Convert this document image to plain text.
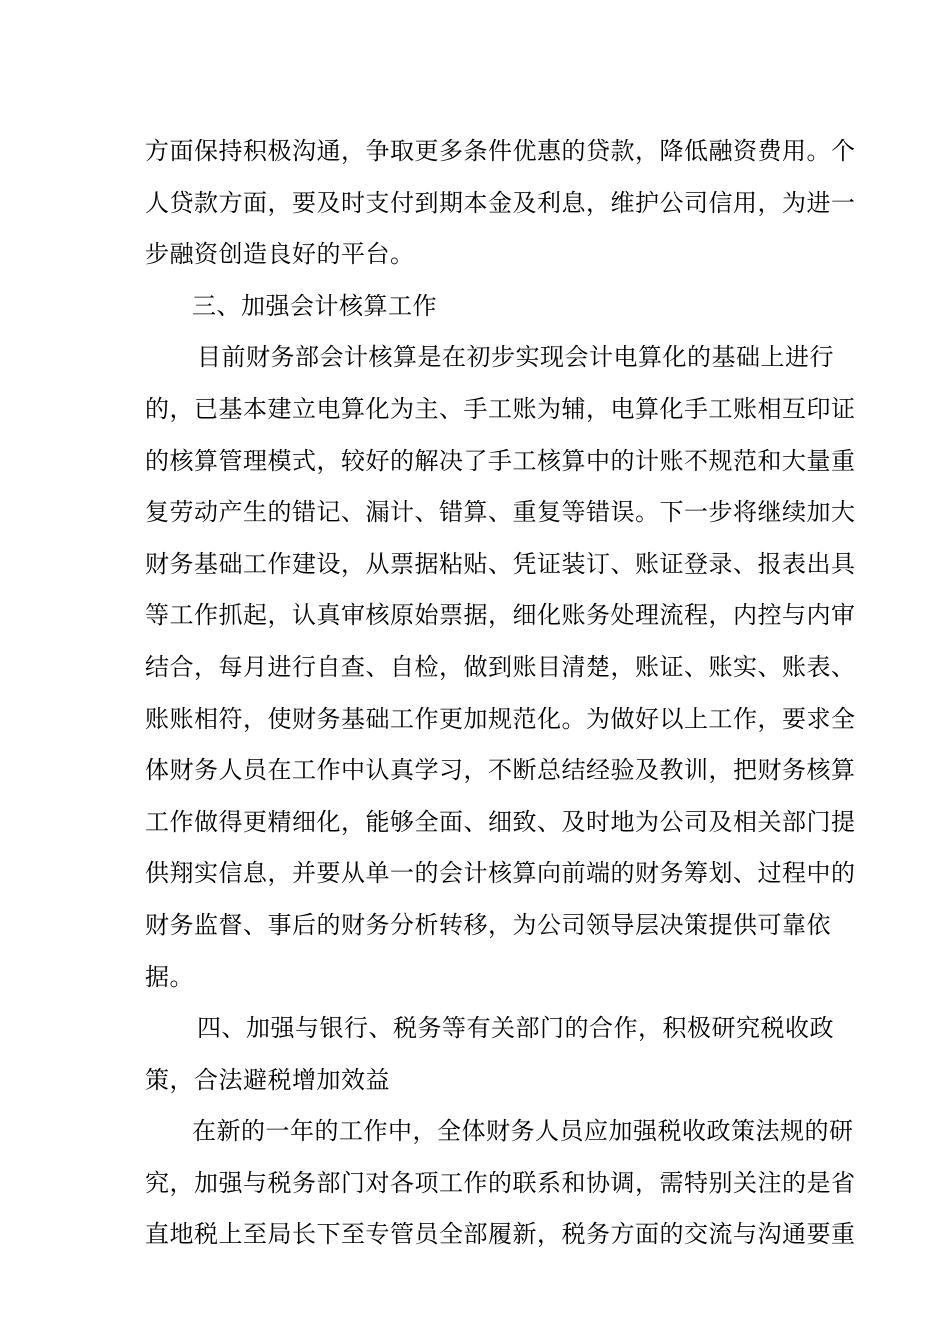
方面保持积极沟通，争取更多条件优惠的贷款，降低融资费用。个
人贷款方面，要及时支付到期本金及利息，维护公司信用，为进一
步融资创造良好的平台。
三、加强会计核算工作
目前财务部会计核算是在初步实现会计电算化的基础上进行
的，已基本建立电算化为主、手工账为辅，电算化手工账相互印证
的核算管理模式，较好的解决了手工核算中的计账不规范和大量重
复劳动产生的错记、漏计、错算、重复等错误。下一步将继续加大
财务基础工作建设，从票据粘贴、凭证装订、账证登录、报表出具
等工作抓起，认真审核原始票据，细化账务处理流程，内控与内审
结合，每月进行自查、自检，做到账目清楚，账证、账实、账表、
账账相符，使财务基础工作更加规范化。为做好以上工作，要求全
体财务人员在工作中认真学习，不断总结经验及教训，把财务核算
工作做得更精细化，能够全面、细致、及时地为公司及相关部门提
供翔实信息，并要从单一的会计核算向前端的财务筹划、过程中的
财务监督、事后的财务分析转移，为公司领导层决策提供可靠依
据。
四、加强与银行、税务等有关部门的合作，积极研究税收政
策，合法避税增加效益
在新的一年的工作中，全体财务人员应加强税收政策法规的研
究，加强与税务部门对各项工作的联系和协调，需特别关注的是省
直地税上至局长下至专管员全部履新，税务方面的交流与沟通要重
